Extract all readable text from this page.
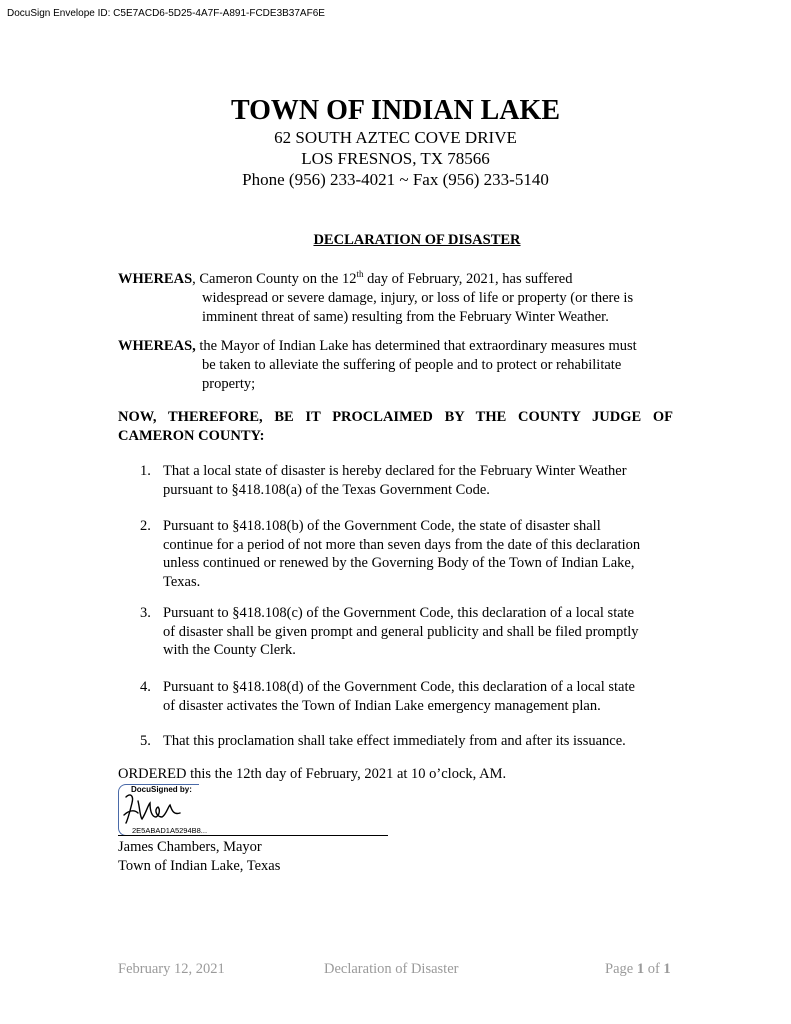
DocuSign Envelope ID: C5E7ACD6-5D25-4A7F-A891-FCDE3B37AF6E
TOWN OF INDIAN LAKE
62 SOUTH AZTEC COVE DRIVE
LOS FRESNOS, TX 78566
Phone (956) 233-4021 ~ Fax (956) 233-5140
DECLARATION OF DISASTER
WHEREAS, Cameron County on the 12th day of February, 2021, has suffered
widespread or severe damage, injury, or loss of life or property (or there is
imminent threat of same) resulting from the February Winter Weather.
WHEREAS, the Mayor of Indian Lake has determined that extraordinary measures must
be taken to alleviate the suffering of people and to protect or rehabilitate
property;
NOW, THEREFORE, BE IT PROCLAIMED BY THE COUNTY JUDGE OF
CAMERON COUNTY:
1. That a local state of disaster is hereby declared for the February Winter Weather
pursuant to §418.108(a) of the Texas Government Code.
2. Pursuant to §418.108(b) of the Government Code, the state of disaster shall
continue for a period of not more than seven days from the date of this declaration
unless continued or renewed by the Governing Body of the Town of Indian Lake,
Texas.
3. Pursuant to §418.108(c) of the Government Code, this declaration of a local state
of disaster shall be given prompt and general publicity and shall be filed promptly
with the County Clerk.
4. Pursuant to §418.108(d) of the Government Code, this declaration of a local state
of disaster activates the Town of Indian Lake emergency management plan.
5. That this proclamation shall take effect immediately from and after its issuance.
ORDERED this the 12th day of February, 2021 at 10 o’clock, AM.
DocuSigned by:
2E5ABAD1A5294B8...
James Chambers, Mayor
Town of Indian Lake, Texas
February 12, 2021	Declaration of Disaster	Page 1 of 1
